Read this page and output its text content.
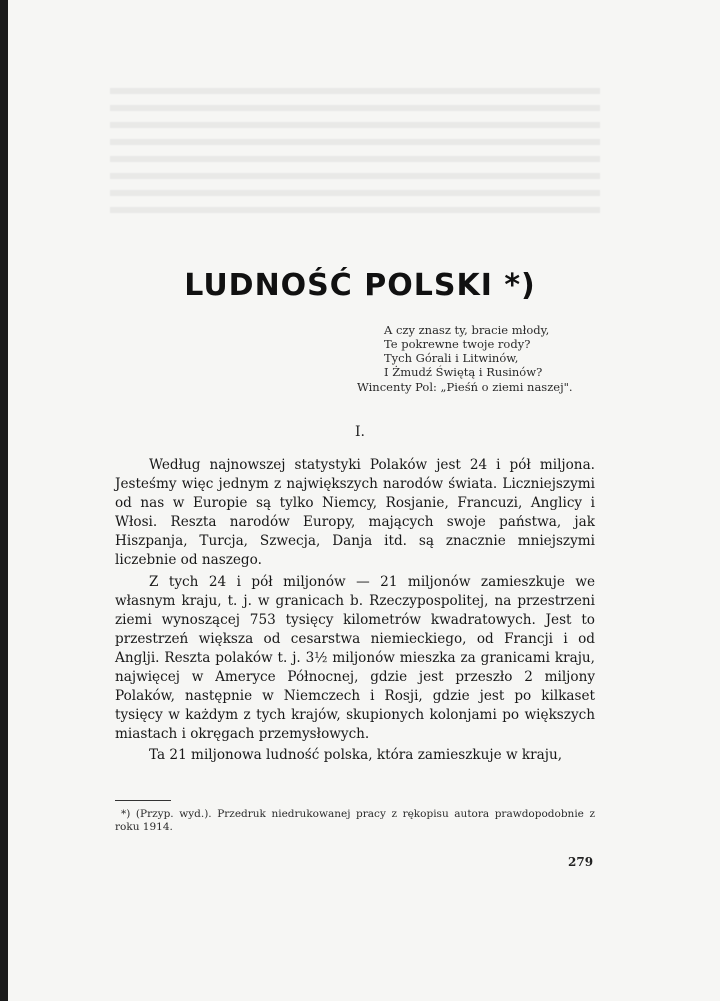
LUDNOŚĆ POLSKI *)
A czy znasz ty, bracie młody,
Te pokrewne twoje rody?
Tych Górali i Litwinów,
I Żmudź Świętą i Rusinów?
Wincenty Pol: „Pieśń o ziemi naszej".
I.

Według najnowszej statystyki Polaków jest 24 i pół miljona. Jesteśmy więc jednym z największych narodów świata. Liczniejszymi od nas w Europie są tylko Niemcy, Rosjanie, Francuzi, Anglicy i Włosi. Reszta narodów Europy, mających swoje państwa, jak Hiszpanja, Turcja, Szwecja, Danja itd. są znacznie mniejszymi liczebnie od naszego.

Z tych 24 i pół miljonów — 21 miljonów zamieszkuje we własnym kraju, t. j. w granicach b. Rzeczypospolitej, na przestrzeni ziemi wynoszącej 753 tysięcy kilometrów kwadratowych. Jest to przestrzeń większa od cesarstwa niemieckiego, od Francji i od Anglji. Reszta polaków t. j. 3½ miljonów mieszka za granicami kraju, najwięcej w Ameryce Północnej, gdzie jest przeszło 2 miljony Polaków, następnie w Niemczech i Rosji, gdzie jest po kilkaset tysięcy w każdym z tych krajów, skupionych kolonjami po większych miastach i okręgach przemysłowych.

Ta 21 miljonowa ludność polska, która zamieszkuje w kraju,

*) (Przyp. wyd.). Przedruk niedrukowanej pracy z rękopisu autora prawdopodobnie z roku 1914.
279
